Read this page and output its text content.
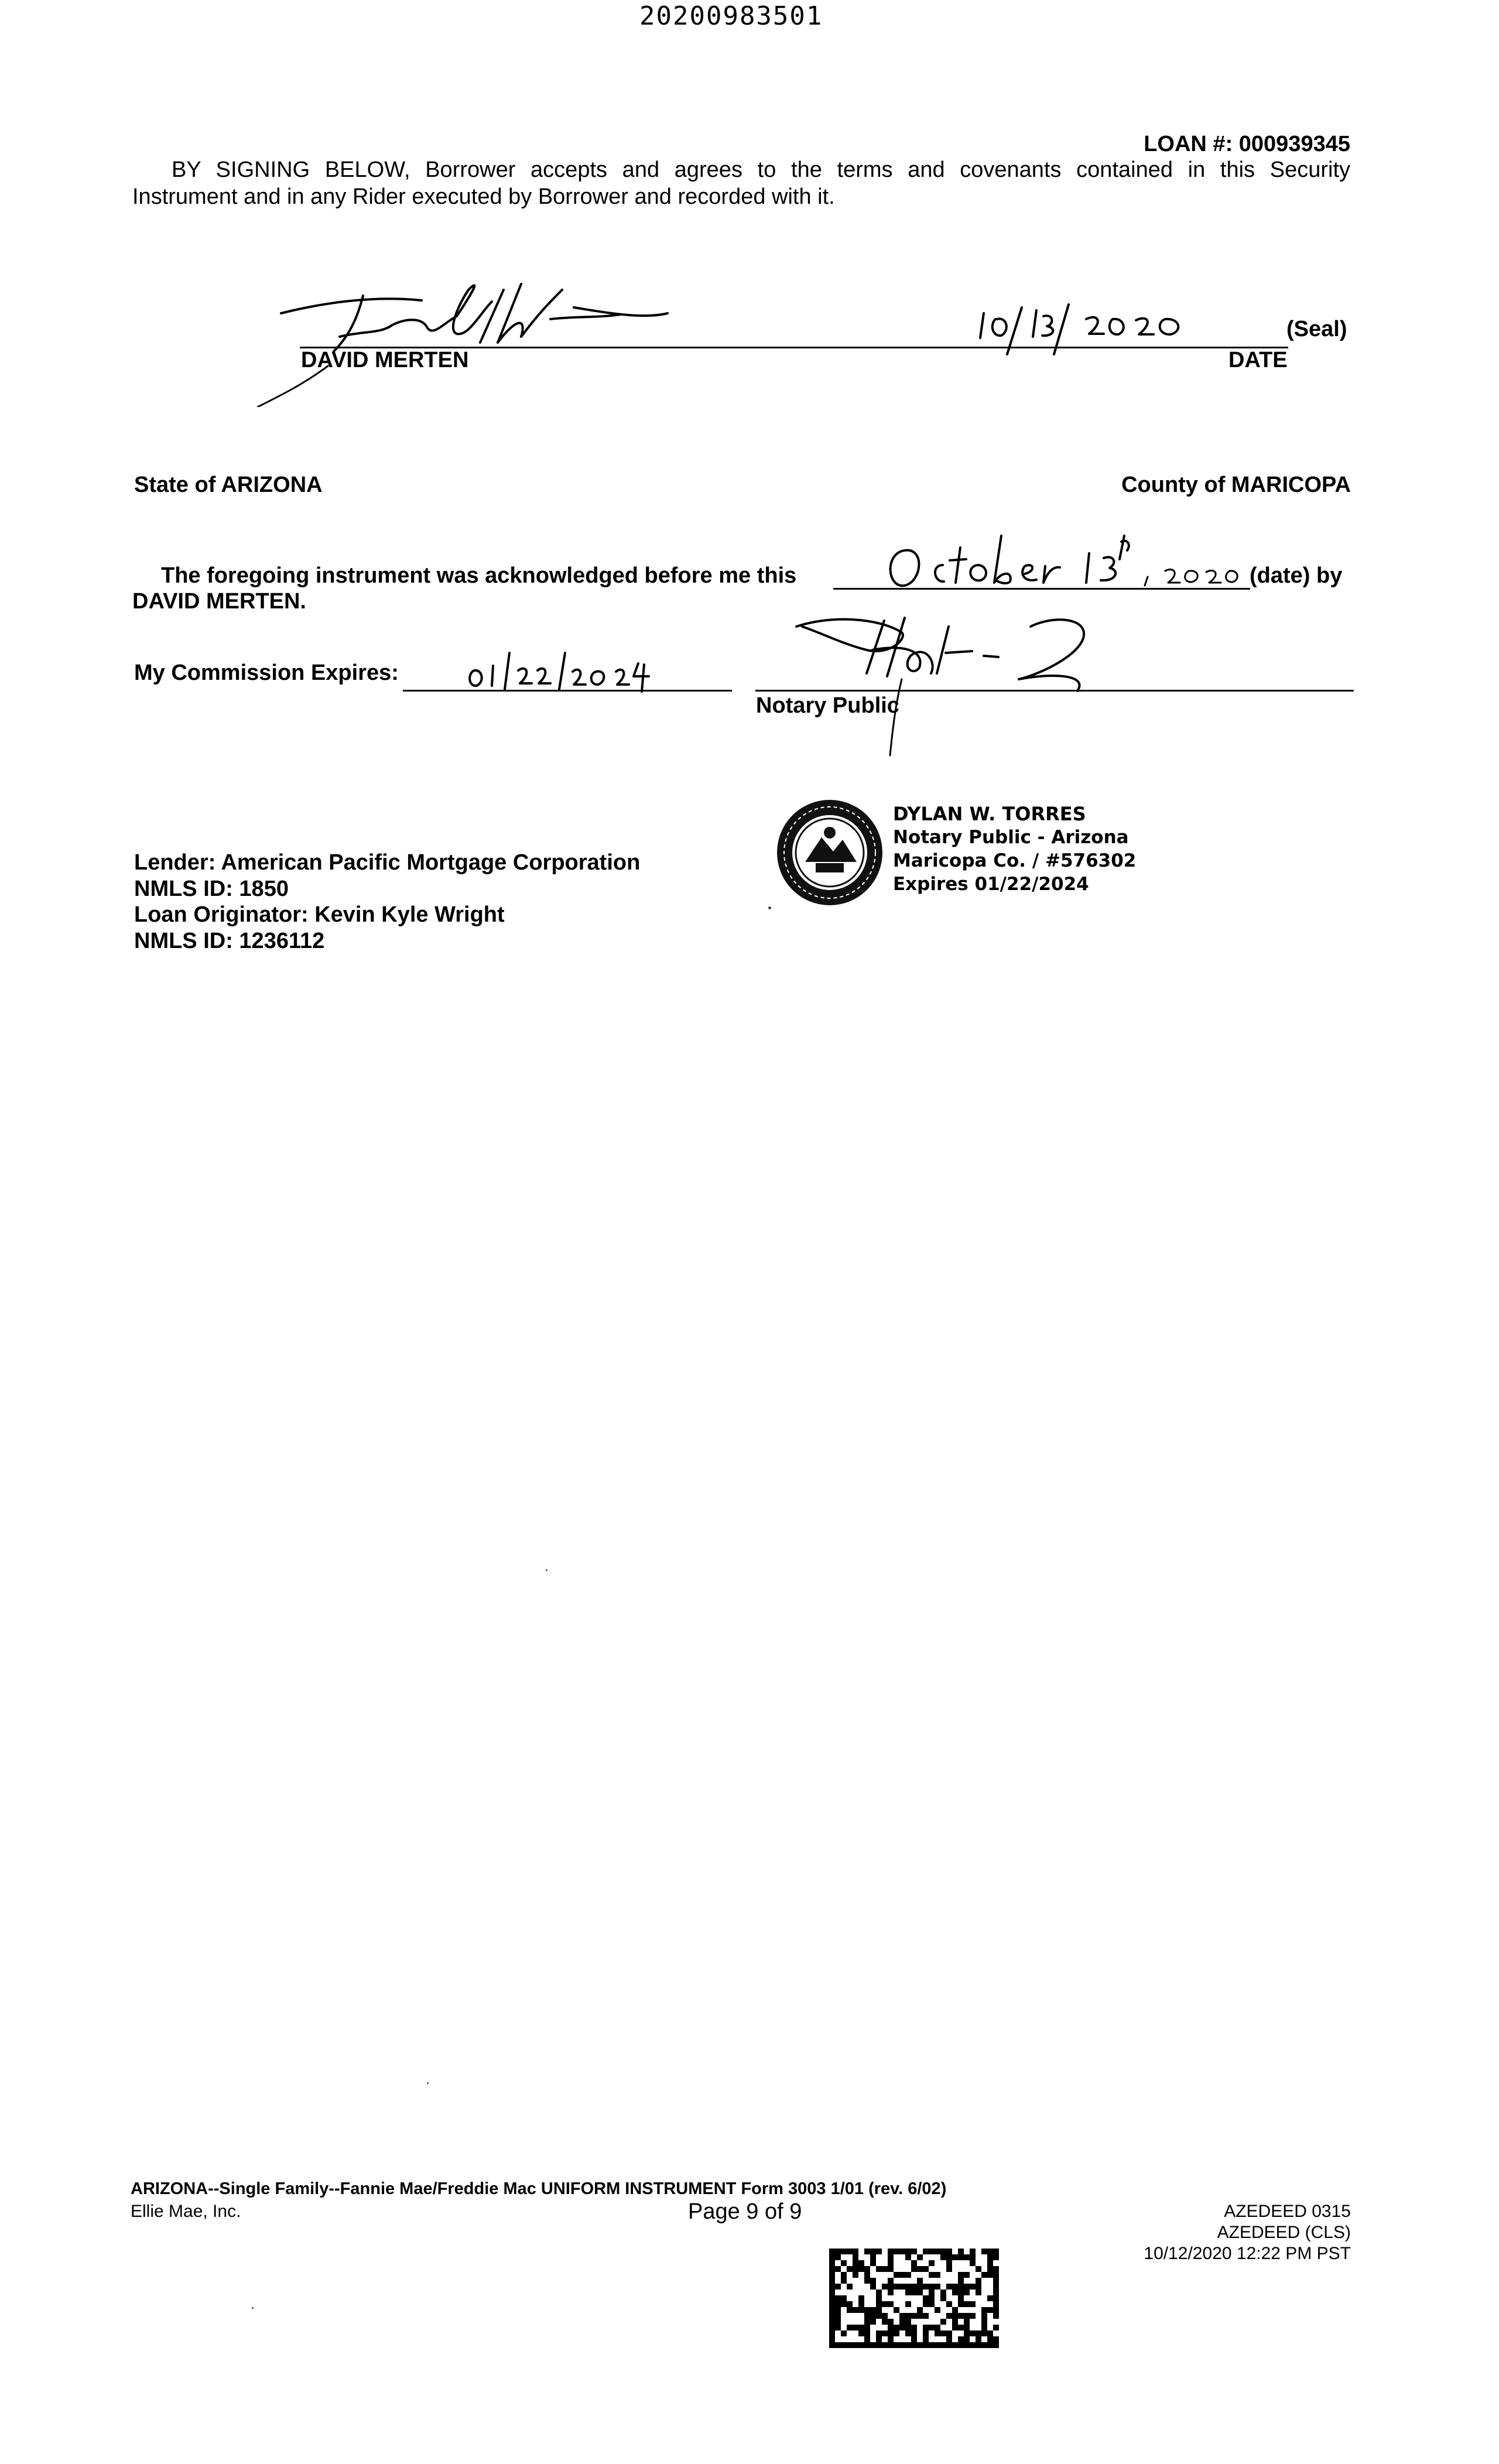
20200983501
LOAN #: 000939345
BY SIGNING BELOW, Borrower accepts and agrees to the terms and covenants contained in this Security
Instrument and in any Rider executed by Borrower and recorded with it.
(Seal)
DAVID MERTEN	DATE
State of ARIZONA	County of MARICOPA
The foregoing instrument was acknowledged before me this	(date) by
DAVID MERTEN.
My Commission Expires:
Notary Public
DYLAN W. TORRES
Notary Public - Arizona
Maricopa Co. / #576302
Expires 01/22/2024
Lender: American Pacific Mortgage Corporation
NMLS ID: 1850
Loan Originator: Kevin Kyle Wright
NMLS ID: 1236112
ARIZONA--Single Family--Fannie Mae/Freddie Mac UNIFORM INSTRUMENT Form 3003 1/01 (rev. 6/02)
Ellie Mae, Inc.	Page 9 of 9	AZEDEED 0315
AZEDEED (CLS)
10/12/2020 12:22 PM PST
